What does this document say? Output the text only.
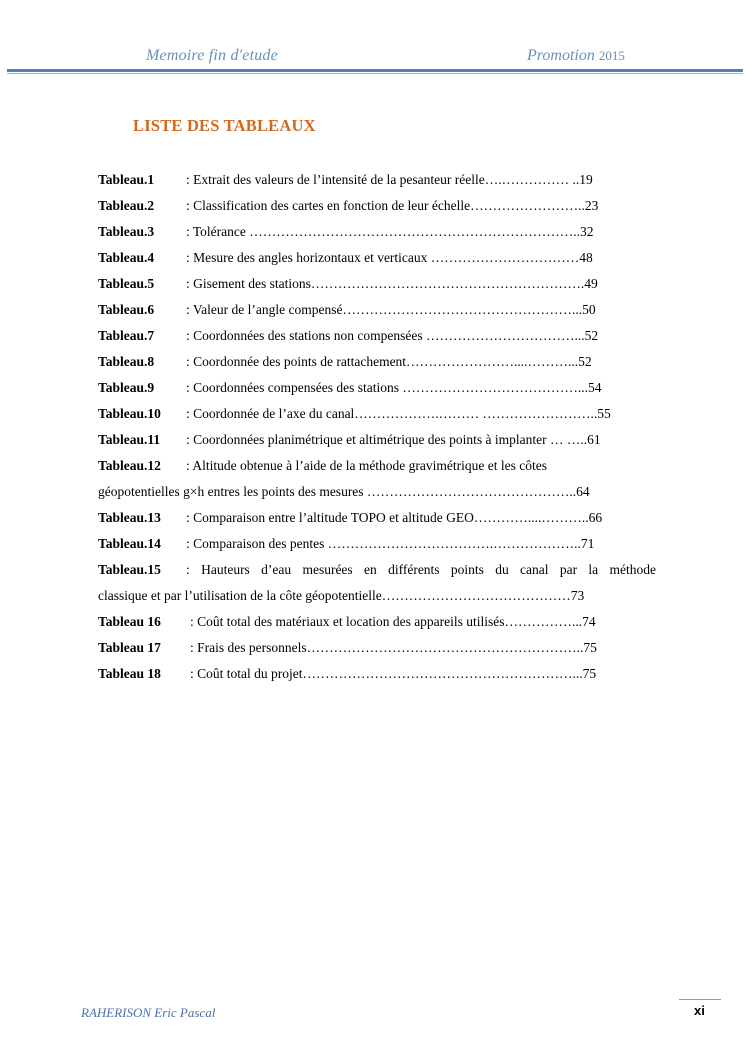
Memoire fin d'etude	Promotion 2015
LISTE DES TABLEAUX
Tableau.1 : Extrait des valeurs de l’intensité de la pesanteur réelle….…………… ..19
Tableau.2 : Classification des cartes en fonction de leur échelle……………………..23
Tableau.3 : Tolérance ………………………………………………………………..32
Tableau.4 : Mesure des angles horizontaux et verticaux ……………………………48
Tableau.5 : Gisement des stations…………………………………………………….49
Tableau.6 : Valeur de l’angle compensé……………………………………………...50
Tableau.7 : Coordonnées des stations non compensées ……………………………...52
Tableau.8 : Coordonnée des points de rattachement……………………....………...52
Tableau.9 : Coordonnées compensées des stations …………………………………...54
Tableau.10 : Coordonnée de l’axe du canal……………….……… ……………………..55
Tableau.11 : Coordonnées planimétrique et altimétrique des points à implanter … …..61
Tableau.12 : Altitude obtenue à l’aide de la méthode gravimétrique et les côtes
géopotentielles g×h entres les points des mesures ………………………………………..64
Tableau.13 : Comparaison entre l’altitude TOPO et altitude GEO…………....………..66
Tableau.14 : Comparaison des pentes ……………………………….………………..71
Tableau.15 : Hauteurs d’eau mesurées en différents points du canal par la méthode
classique et par l’utilisation de la côte géopotentielle……………………………………73
Tableau 16 : Coût total des matériaux et location des appareils utilisés……………...74
Tableau 17 : Frais des personnels……………………………………………………..75
Tableau 18 : Coût total du projet……………………………………………………...75
RAHERISON Eric Pascal	xi
